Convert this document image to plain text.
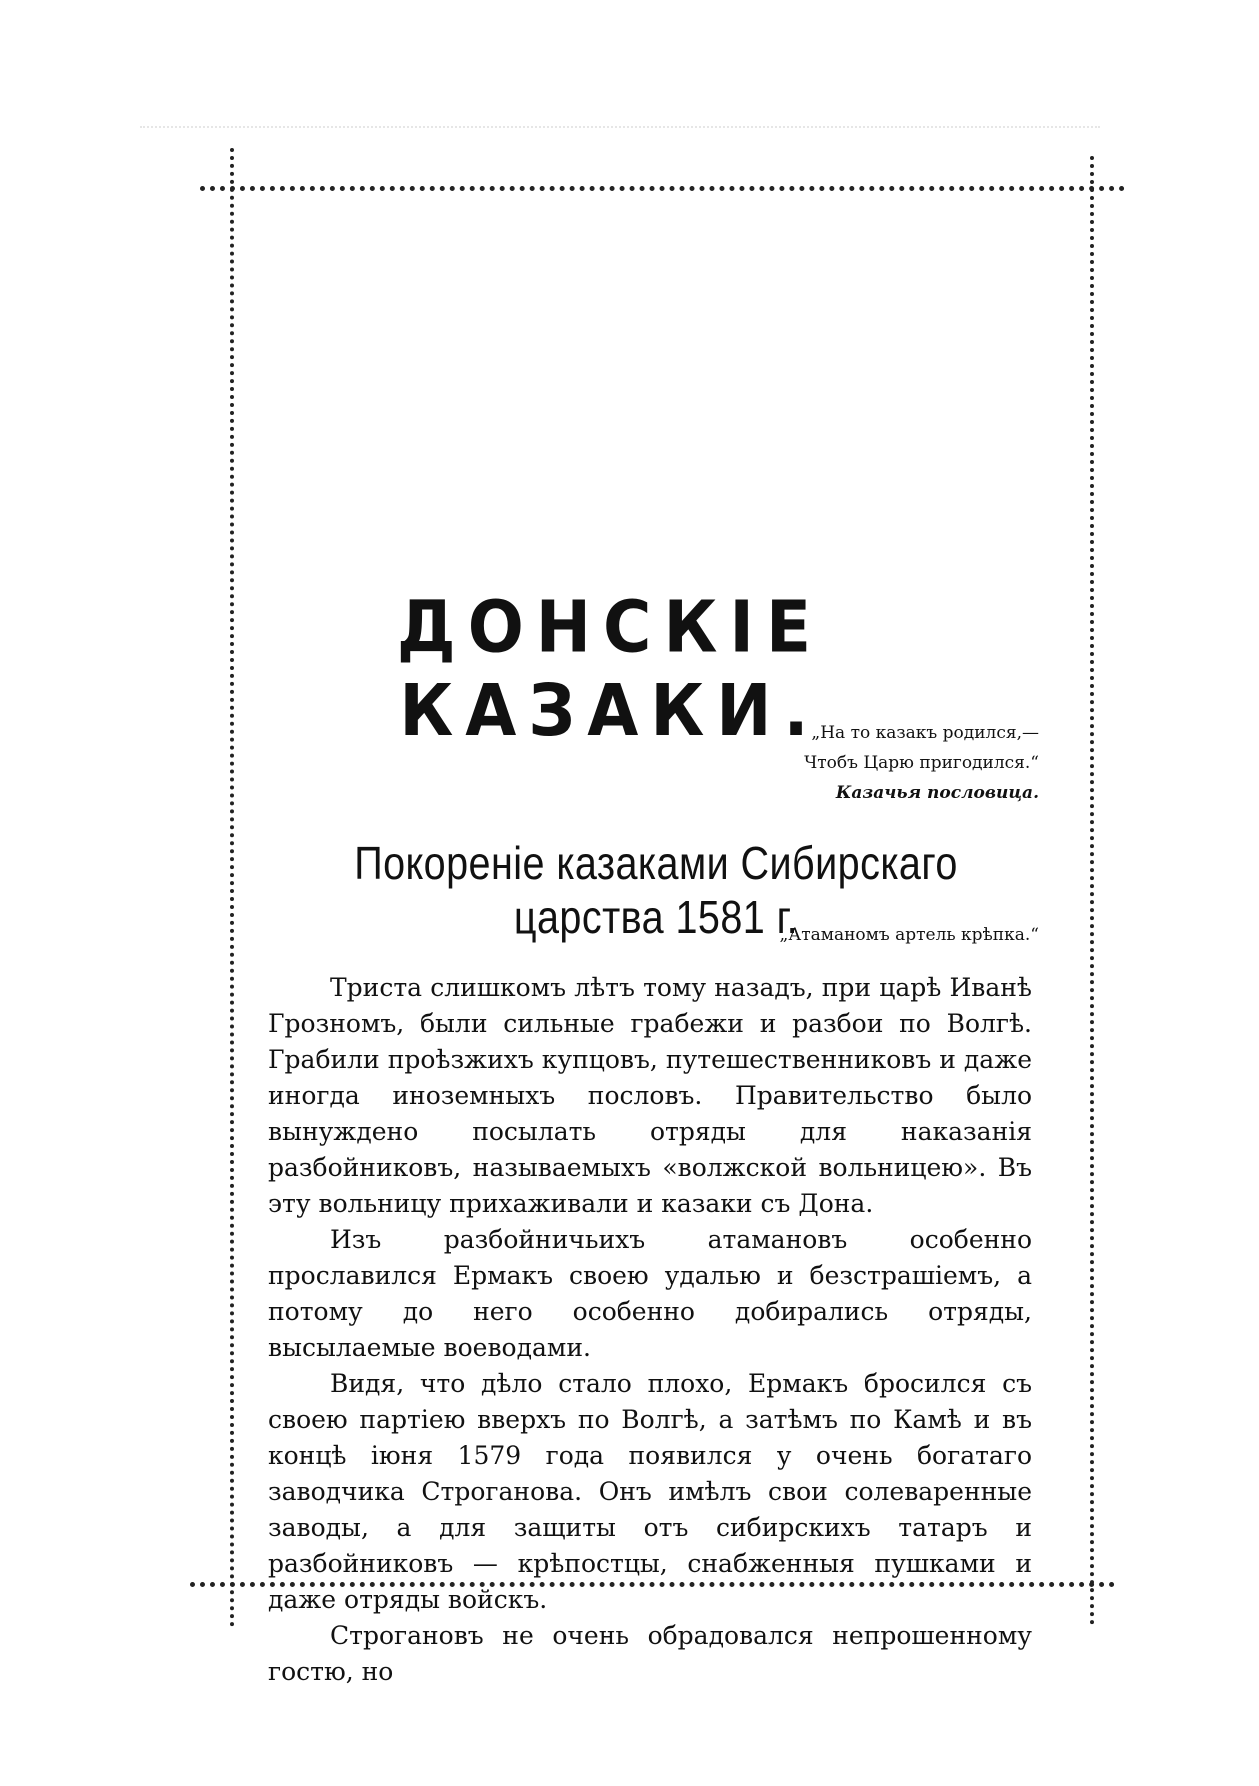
ДОНСКІЕ КАЗАКИ.
„На то казакъ родился,—
Чтобъ Царю пригодился.“
Казачья пословица.
Покореніе казаками Сибирскаго царства 1581 г.
„Атаманомъ артель крѣпка.“

Триста слишкомъ лѣтъ тому назадъ, при царѣ Иванѣ Грозномъ, были сильные грабежи и разбои по Волгѣ. Грабили проѣзжихъ купцовъ, путешественниковъ и даже иногда иноземныхъ пословъ. Правительство было вынуждено посылать отряды для наказанія разбойниковъ, называемыхъ «волжской вольницею». Въ эту вольницу прихаживали и казаки съ Дона.

Изъ разбойничьихъ атамановъ особенно прославился Ермакъ своею удалью и безстрашіемъ, а потому до него особенно добирались отряды, высылаемые воеводами.

Видя, что дѣло стало плохо, Ермакъ бросился съ своею партіею вверхъ по Волгѣ, а затѣмъ по Камѣ и въ концѣ іюня 1579 года появился у очень богатаго заводчика Строганова. Онъ имѣлъ свои солеваренные заводы, а для защиты отъ сибирскихъ татаръ и разбойниковъ — крѣпостцы, снабженныя пушками и даже отряды войскъ.

Строгановъ не очень обрадовался непрошенному гостю, но
